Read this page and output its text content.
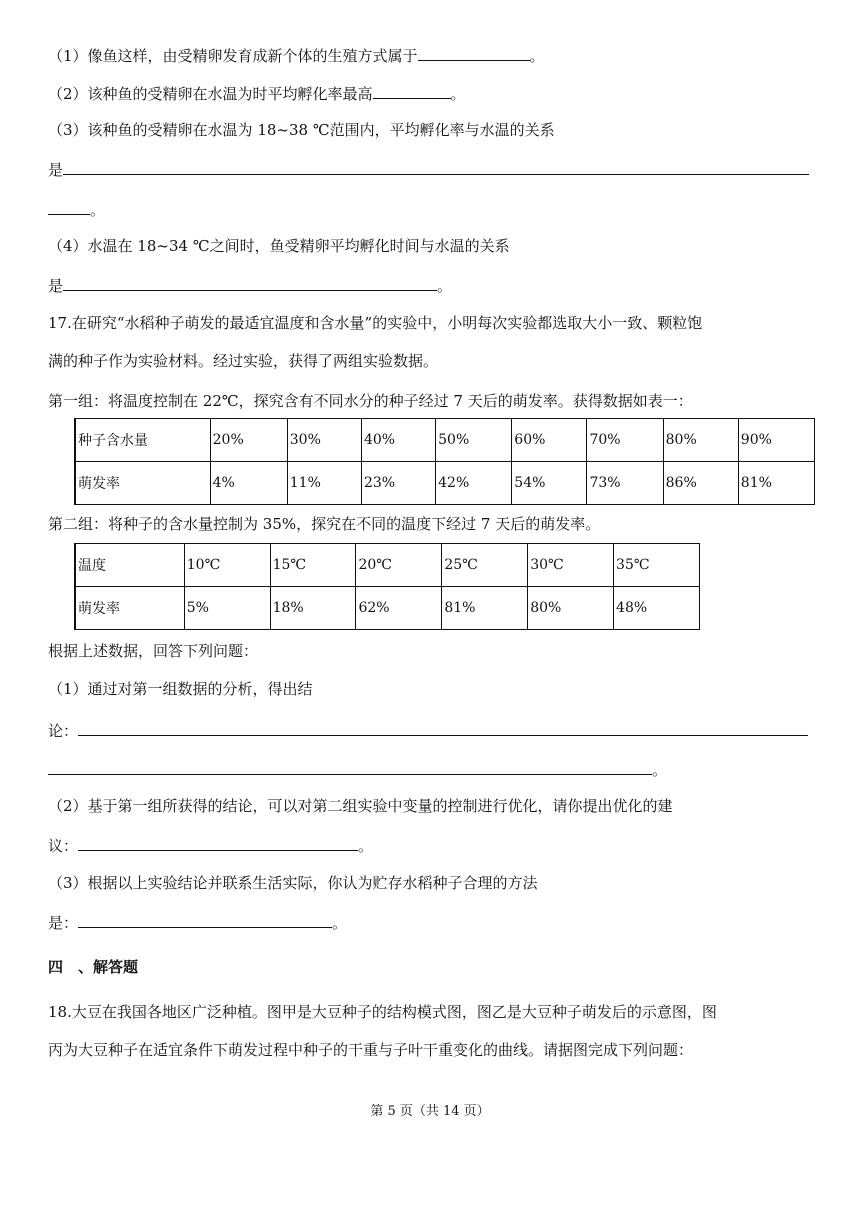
（1）像鱼这样，由受精卵发育成新个体的生殖方式属于	。
（2）该种鱼的受精卵在水温为时平均孵化率最高	。
（3）该种鱼的受精卵在水温为 18~38 ℃范围内，平均孵化率与水温的关系
是
。
（4）水温在 18~34 ℃之间时，鱼受精卵平均孵化时间与水温的关系
是	。
17.在研究“水稻种子萌发的最适宜温度和含水量”的实验中，小明每次实验都选取大小一致、颗粒饱
满的种子作为实验材料。经过实验，获得了两组实验数据。
第一组：将温度控制在 22℃，探究含有不同水分的种子经过 7 天后的萌发率。获得数据如表一：
种子含水量	20%	30%	40%	50%	60%	70%	80%	90%
萌发率	4%	11%	23%	42%	54%	73%	86%	81%
第二组：将种子的含水量控制为 35%，探究在不同的温度下经过 7 天后的萌发率。
温度	10℃	15℃	20℃	25℃	30℃	35℃
萌发率	5%	18%	62%	81%	80%	48%
根据上述数据，回答下列问题：
（1）通过对第一组数据的分析，得出结
论：
。
（2）基于第一组所获得的结论，可以对第二组实验中变量的控制进行优化，请你提出优化的建
议：	。
（3）根据以上实验结论并联系生活实际，你认为贮存水稻种子合理的方法
是：	。
四　、解答题
18.大豆在我国各地区广泛种植。图甲是大豆种子的结构模式图，图乙是大豆种子萌发后的示意图，图
丙为大豆种子在适宜条件下萌发过程中种子的干重与子叶干重变化的曲线。请据图完成下列问题：
第 5 页（共 14 页）
